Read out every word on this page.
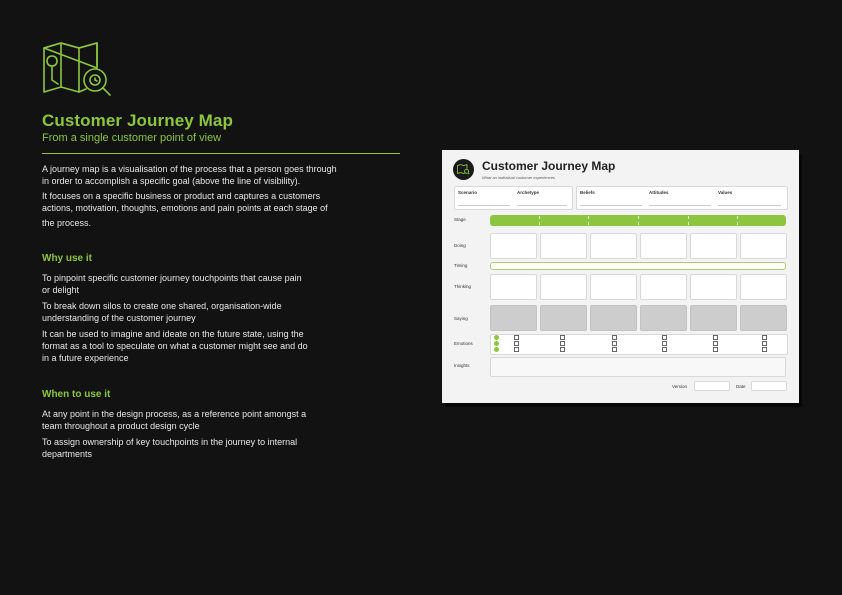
Customer Journey Map

From a single customer point of view

A journey map is a visualisation of the process that a person goes through

in order to accomplish a specific goal (above the line of visibility).

It focuses on a specific business or product and captures a customers

actions, motivation, thoughts, emotions and pain points at each stage of

the process.

Why use it

To pinpoint specific customer journey touchpoints that cause pain

or delight

To break down silos to create one shared, organisation-wide

understanding of the customer journey

It can be used to imagine and ideate on the future state, using the

format as a tool to speculate on what a customer might see and do

in a future experience

When to use it

At any point in the design process, as a reference point amongst a

team throughout a product design cycle

To assign ownership of key touchpoints in the journey to internal

departments

Customer Journey Map

What an individual customer experiences

Scenario	Archetype	Beliefs	Attitudes	Values

Stage

Doing

Timing

Thinking

Saying

Emotions

Insights

Version	Date
